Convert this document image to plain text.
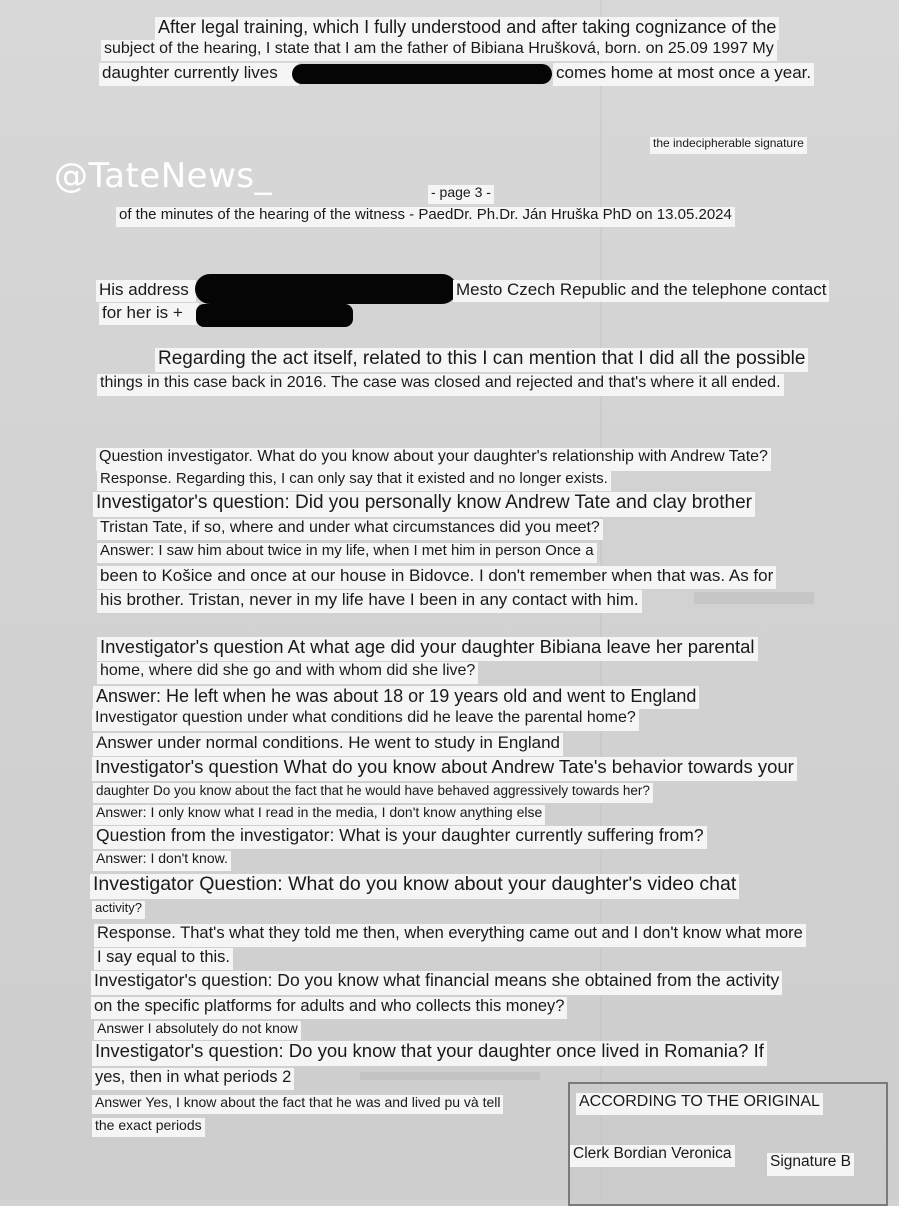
After legal training, which I fully understood and after taking cognizance of the
subject of the hearing, I state that I am the father of Bibiana Hrušková, born. on 25.09 1997 My
daughter currently lives	comes home at most once a year.
the indecipherable signature
@TateNews_	- page 3 -
of the minutes of the hearing of the witness - PaedDr. Ph.Dr. Ján Hruška PhD on 13.05.2024
His address	Mesto Czech Republic and the telephone contact
for her is +
Regarding the act itself, related to this I can mention that I did all the possible
things in this case back in 2016. The case was closed and rejected and that's where it all ended.
Question investigator. What do you know about your daughter's relationship with Andrew Tate?
Response. Regarding this, I can only say that it existed and no longer exists.
Investigator's question: Did you personally know Andrew Tate and clay brother
Tristan Tate, if so, where and under what circumstances did you meet?
Answer: I saw him about twice in my life, when I met him in person Once a
been to Košice and once at our house in Bidovce. I don't remember when that was. As for
his brother. Tristan, never in my life have I been in any contact with him.
Investigator's question At what age did your daughter Bibiana leave her parental
home, where did she go and with whom did she live?
Answer: He left when he was about 18 or 19 years old and went to England
Investigator question under what conditions did he leave the parental home?
Answer under normal conditions. He went to study in England
Investigator's question What do you know about Andrew Tate's behavior towards your
daughter Do you know about the fact that he would have behaved aggressively towards her?
Answer: I only know what I read in the media, I don't know anything else
Question from the investigator: What is your daughter currently suffering from?
Answer: I don't know.
Investigator Question: What do you know about your daughter's video chat
activity?
Response. That's what they told me then, when everything came out and I don't know what more
I say equal to this.
Investigator's question: Do you know what financial means she obtained from the activity
on the specific platforms for adults and who collects this money?
Answer I absolutely do not know
Investigator's question: Do you know that your daughter once lived in Romania? If
yes, then in what periods 2
Answer Yes, I know about the fact that he was and lived pu và tell
the exact periods
ACCORDING TO THE ORIGINAL
Clerk Bordian Veronica Signature B
